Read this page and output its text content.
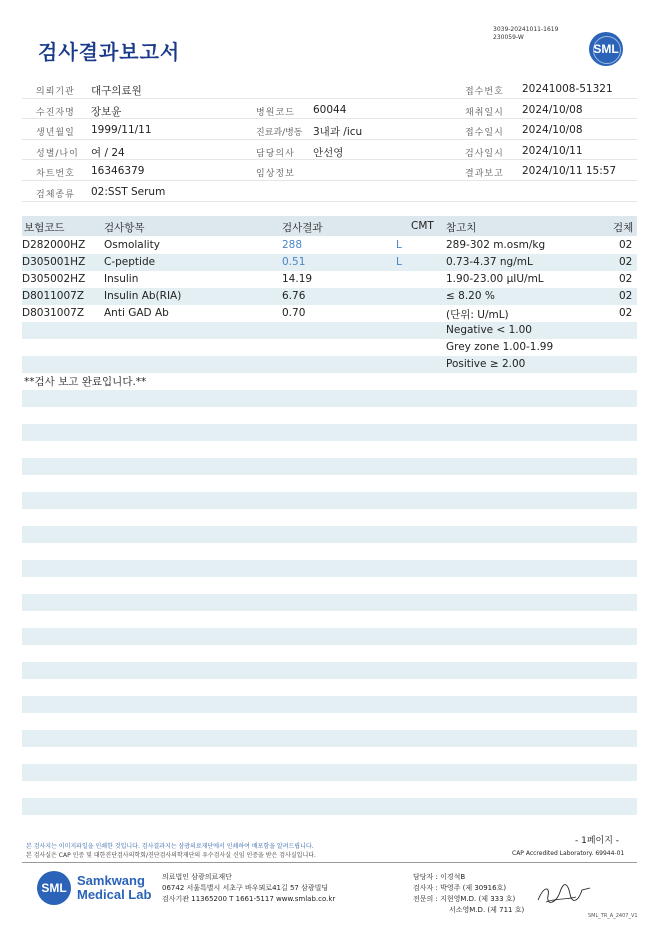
검사결과보고서
3039-20241011-1619
230059-W
SML
의뢰기관 대구의료원	접수번호 20241008-51321
수진자명 장보윤	병원코드 60044	채취일시 2024/10/08
생년월일 1999/11/11	진료과/병동 3내과 /icu	접수일시 2024/10/08
성별/나이 여 / 24	담당의사 안선영	검사일시 2024/10/11
차트번호 16346379	임상정보	결과보고 2024/10/11 15:57
검체종류 02:SST Serum
보험코드	검사항목	검사결과	CMT 참고치	검체
D282000HZ Osmolality	288	L	289-302 m.osm/kg	02
D305001HZ C-peptide	0.51	L	0.73-4.37 ng/mL	02
D305002HZ Insulin	14.19	1.90-23.00 µIU/mL	02
D8011007Z Insulin Ab(RIA)	6.76	≤ 8.20 %	02
D8031007Z Anti GAD Ab	0.70	(단위: U/mL)	02
Negative < 1.00
Grey zone 1.00-1.99
Positive ≥ 2.00
**검사 보고 완료입니다.**
- 1페이지 -
본 검사지는 이미지파일을 인쇄한 것입니다. 검사결과지는 삼광의료재단에서 인쇄하여 배포함을 알려드립니다.
본 검사실은 CAP 인증 및 대한진단검사의학회/진단검사의학재단의 우수검사실 신임 인증을 받은 검사실입니다.	CAP Accredited Laboratory. 69944-01
SML Samkwang
Medical Lab
의료법인 삼광의료재단
06742 서울특별시 서초구 바우뫼로41길 57 삼광빌딩
검사기관 11365200 T 1661-5117 www.smlab.co.kr
담당자 : 이경석B
검사자 : 박영주 (제 30916호)
전문의 : 지현영M.D. (제 333 호)
서소영M.D. (제 711 호)
SML_TR_A_2407_V1
